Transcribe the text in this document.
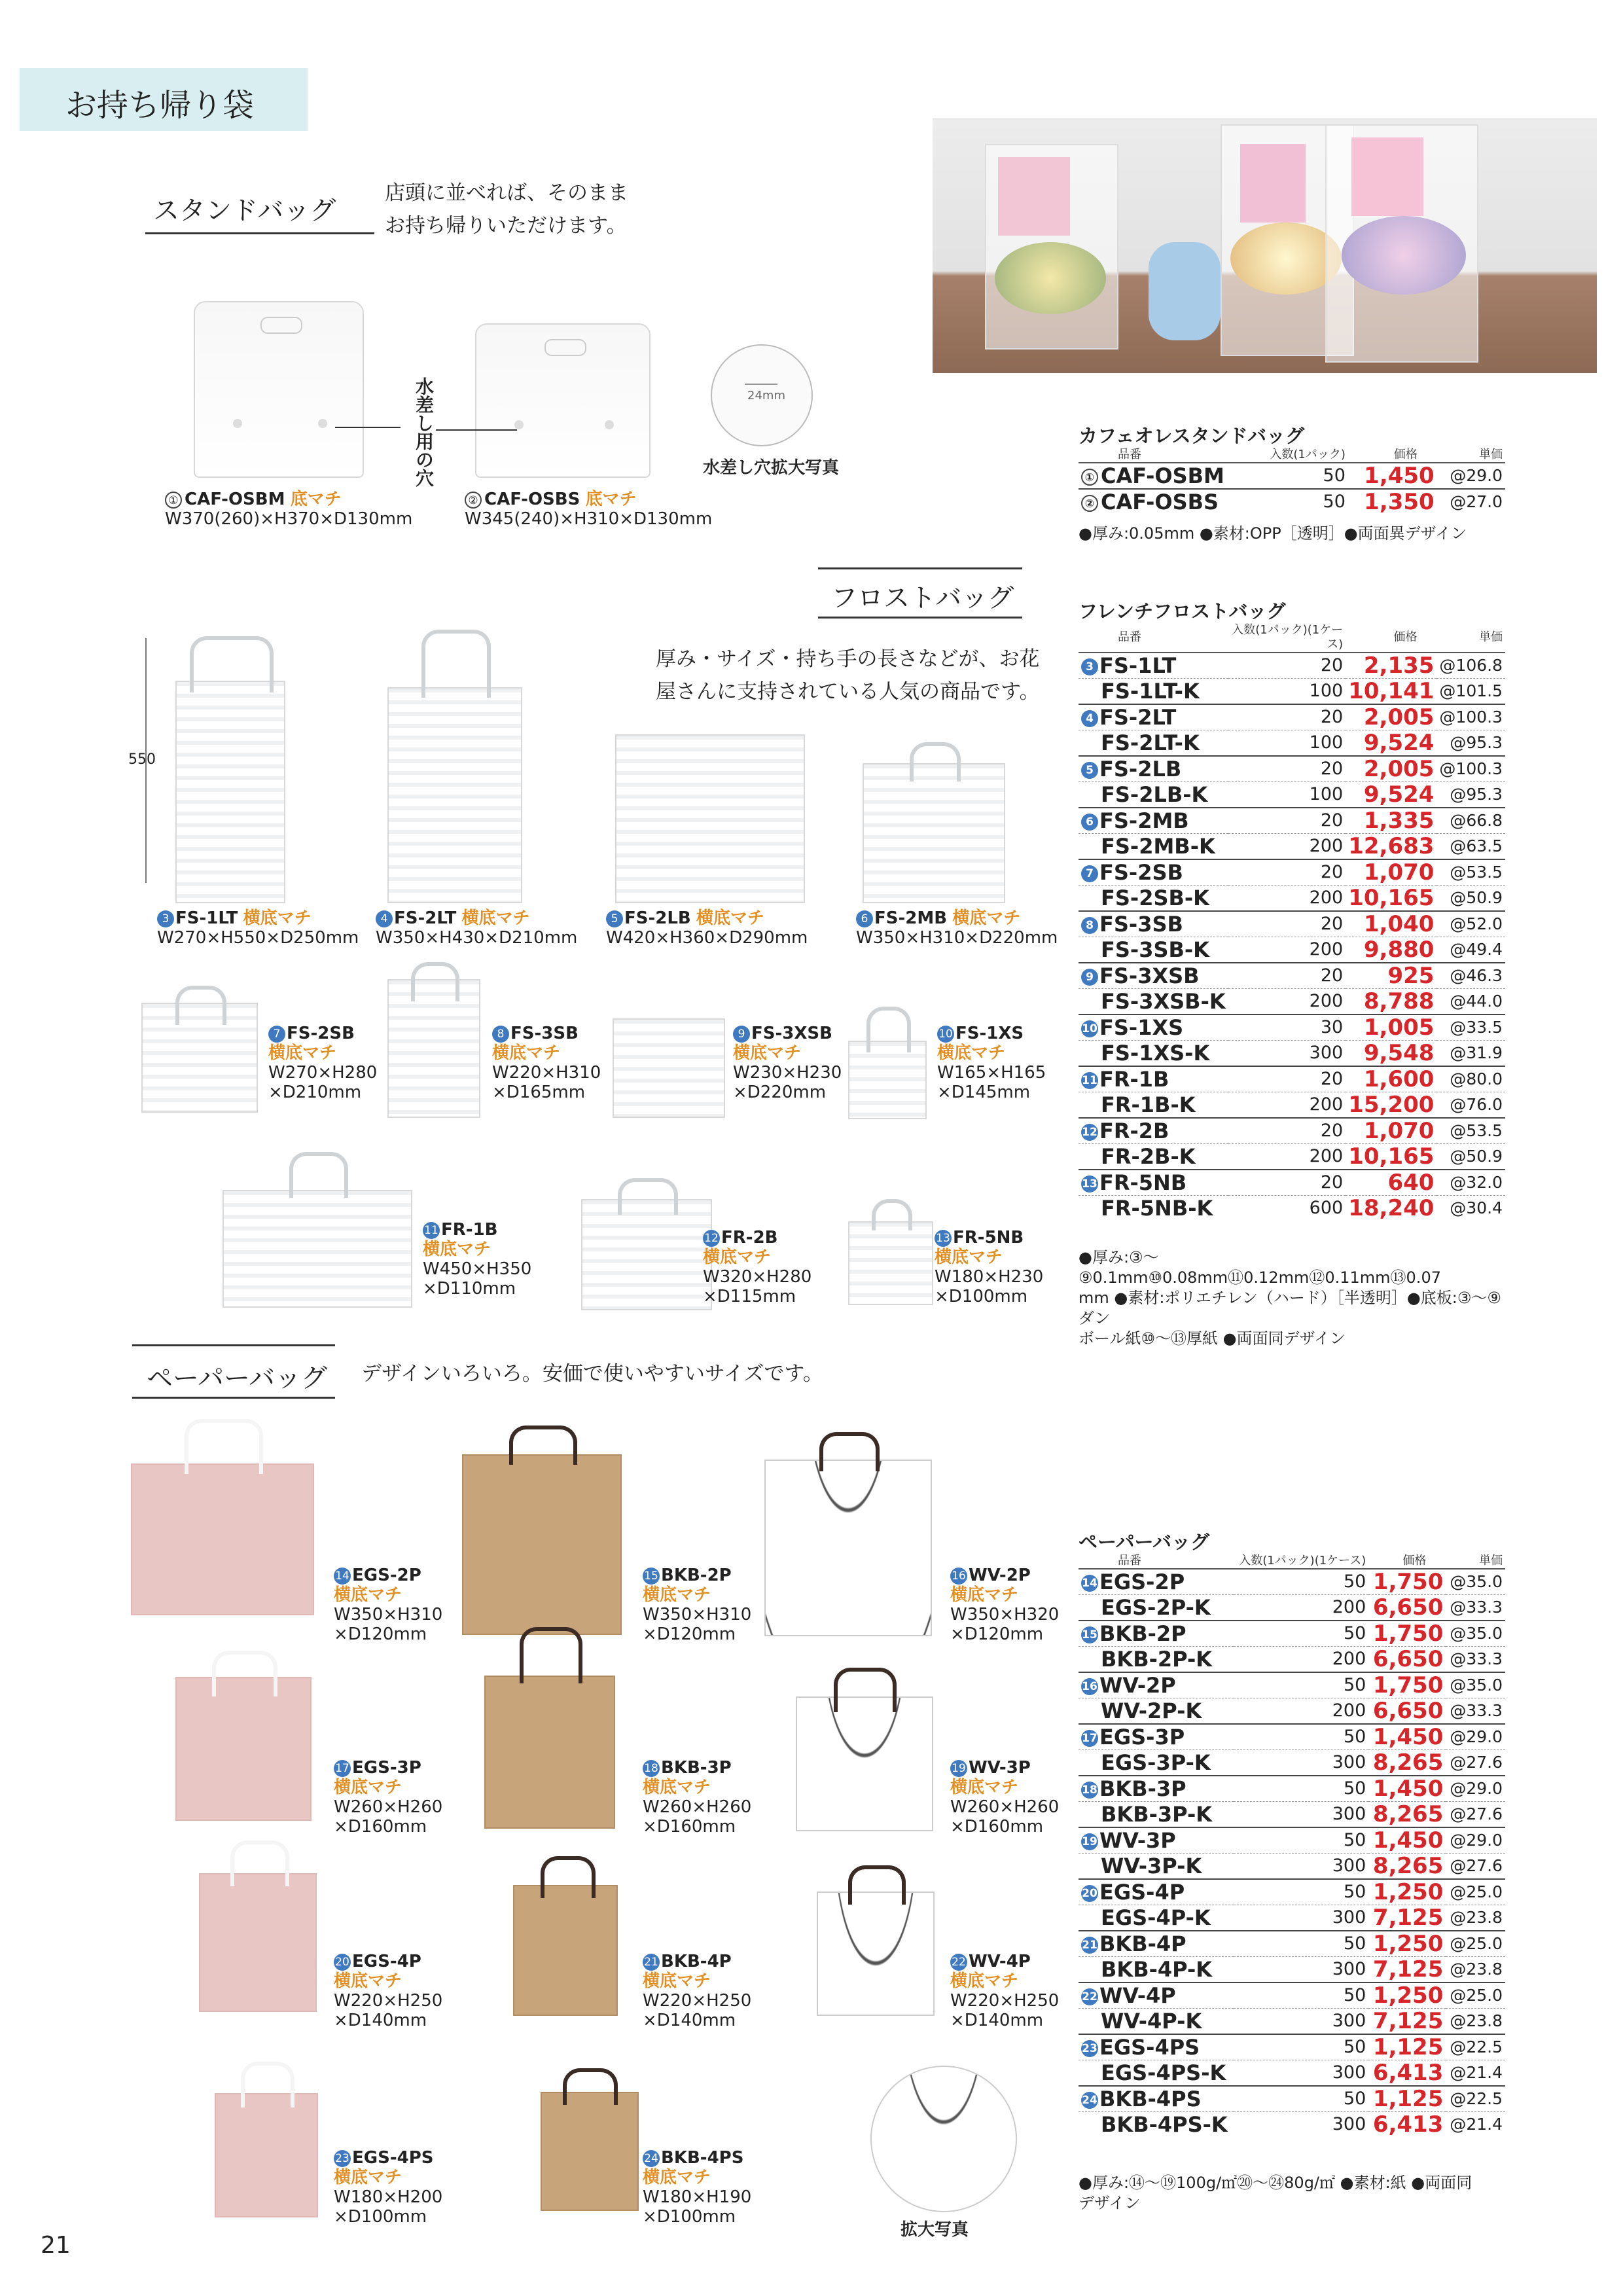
お持ち帰り袋
スタンドバッグ
店頭に並べれば、そのまま
お持ち帰りいただけます。
水差し用の穴	24mm
水差し穴拡大写真
① CAF-OSBM 底マチ
W370(260)×H370×D130mm
② CAF-OSBS 底マチ
W345(240)×H310×D130mm
フロストバッグ
厚み・サイズ・持ち手の長さなどが、お花
屋さんに支持されている人気の商品です。
550
3 FS-1LT 横底マチ
W270×H550×D250mm
4 FS-2LT 横底マチ
W350×H430×D210mm
5 FS-2LB 横底マチ
W420×H360×D290mm
6 FS-2MB 横底マチ
W350×H310×D220mm
7 FS-2SB
横底マチ
W270×H280
×D210mm
8 FS-3SB
横底マチ
W220×H310
×D165mm
9 FS-3XSB
横底マチ
W230×H230
×D220mm
10 FS-1XS
横底マチ
W165×H165
×D145mm
11 FR-1B
横底マチ
W450×H350
×D110mm
12 FR-2B
横底マチ
W320×H280
×D115mm
13 FR-5NB
横底マチ
W180×H230
×D100mm
ペーパーバッグ デザインいろいろ。安価で使いやすいサイズです。
拡大写真
14 EGS-2P
横底マチ
W350×H310
×D120mm
15 BKB-2P
横底マチ
W350×H310
×D120mm
16 WV-2P
横底マチ
W350×H320
×D120mm
17 EGS-3P
横底マチ
W260×H260
×D160mm
18 BKB-3P
横底マチ
W260×H260
×D160mm
19 WV-3P
横底マチ
W260×H260
×D160mm
20 EGS-4P
横底マチ
W220×H250
×D140mm
21 BKB-4P
横底マチ
W220×H250
×D140mm
22 WV-4P
横底マチ
W220×H250
×D140mm
23 EGS-4PS
横底マチ
W180×H200
×D100mm
24 BKB-4PS
横底マチ
W180×H190
×D100mm
カフェオレスタンドバッグ
品番	入数(1パック)	価格	単価
① CAF-OSBM	50	1,450	@29.0
② CAF-OSBS	50	1,350	@27.0
●厚み:0.05mm ●素材:OPP［透明］●両面異デザイン
フレンチフロストバッグ
品番	入数(1パック)(1ケース)	価格	単価
3 FS-1LT	20	2,135	@106.8
FS-1LT-K	100	10,141	@101.5
4 FS-2LT	20	2,005	@100.3
FS-2LT-K	100	9,524	@95.3
5 FS-2LB	20	2,005	@100.3
FS-2LB-K	100	9,524	@95.3
6 FS-2MB	20	1,335	@66.8
FS-2MB-K	200	12,683	@63.5
7 FS-2SB	20	1,070	@53.5
FS-2SB-K	200	10,165	@50.9
8 FS-3SB	20	1,040	@52.0
FS-3SB-K	200	9,880	@49.4
9 FS-3XSB	20	925	@46.3
FS-3XSB-K	200	8,788	@44.0
10FS-1XS	30	1,005	@33.5
FS-1XS-K	300	9,548	@31.9
11FR-1B	20	1,600	@80.0
FR-1B-K	200	15,200	@76.0
12FR-2B	20	1,070	@53.5
FR-2B-K	200	10,165	@50.9
13FR-5NB	20	640	@32.0
FR-5NB-K	600	18,240	@30.4
●厚み:③〜⑨0.1mm⑩0.08mm⑪0.12mm⑫0.11mm⑬0.07
mm ●素材:ポリエチレン（ハード）［半透明］●底板:③〜⑨ダン
ボール紙⑩〜⑬厚紙 ●両面同デザイン
ペーパーバッグ
品番	入数(1パック)(1ケース)	価格	単価
14EGS-2P	50	1,750	@35.0
EGS-2P-K	200	6,650	@33.3
15BKB-2P	50	1,750	@35.0
BKB-2P-K	200	6,650	@33.3
16WV-2P	50	1,750	@35.0
WV-2P-K	200	6,650	@33.3
17EGS-3P	50	1,450	@29.0
EGS-3P-K	300	8,265	@27.6
18BKB-3P	50	1,450	@29.0
BKB-3P-K	300	8,265	@27.6
19WV-3P	50	1,450	@29.0
WV-3P-K	300	8,265	@27.6
20EGS-4P	50	1,250	@25.0
EGS-4P-K	300	7,125	@23.8
21BKB-4P	50	1,250	@25.0
BKB-4P-K	300	7,125	@23.8
22WV-4P	50	1,250	@25.0
WV-4P-K	300	7,125	@23.8
23EGS-4PS	50	1,125	@22.5
EGS-4PS-K	300	6,413	@21.4
24BKB-4PS	50	1,125	@22.5
BKB-4PS-K	300	6,413	@21.4
●厚み:⑭〜⑲100g/㎡⑳〜㉔80g/㎡ ●素材:紙 ●両面同
デザイン
21
